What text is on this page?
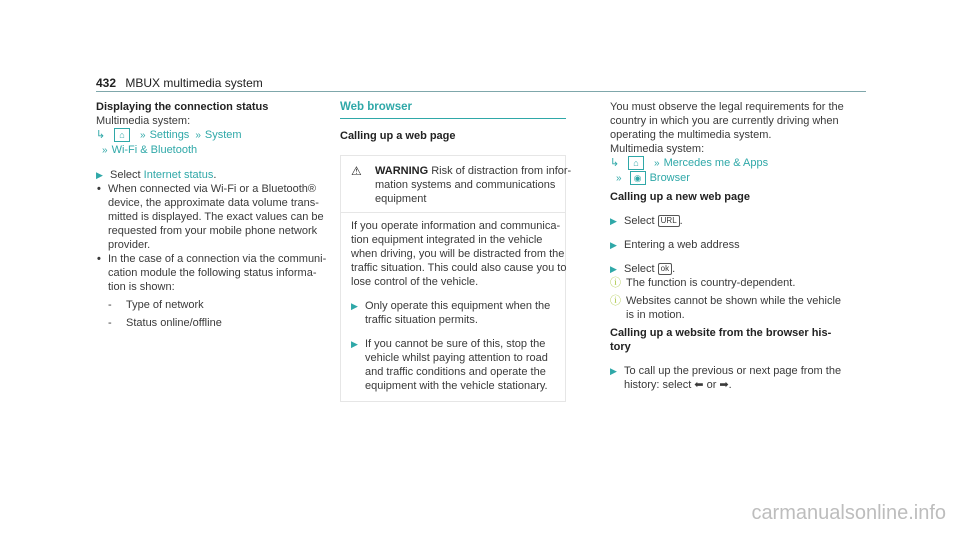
432 MBUX multimedia system
Displaying the connection status
Multimedia system:
↳ ⌂ » Settings » System
» Wi-Fi & Bluetooth
▶ Select Internet status.
• When connected via Wi-Fi or a Bluetooth®
device, the approximate data volume trans-
mitted is displayed. The exact values can be
requested from your mobile phone network
provider.
• In the case of a connection via the communi-
cation module the following status informa-
tion is shown:
- Type of network
- Status online/offline
Web browser
Calling up a web page
⚠ WARNING Risk of distraction from infor-
mation systems and communications
equipment
If you operate information and communica-
tion equipment integrated in the vehicle
when driving, you will be distracted from the
traffic situation. This could also cause you to
lose control of the vehicle.
▶ Only operate this equipment when the
traffic situation permits.
▶ If you cannot be sure of this, stop the
vehicle whilst paying attention to road
and traffic conditions and operate the
equipment with the vehicle stationary.
You must observe the legal requirements for the
country in which you are currently driving when
operating the multimedia system.
Multimedia system:
↳ ⌂ » Mercedes me & Apps
» ◉ Browser
Calling up a new web page
▶ Select URL .
▶ Entering a web address
▶ Select ok .
ⓘ The function is country-dependent.
ⓘ Websites cannot be shown while the vehicle
is in motion.
Calling up a website from the browser his-
tory
▶ To call up the previous or next page from the
history: select ⬅ or ➡.
carmanualsonline.info
